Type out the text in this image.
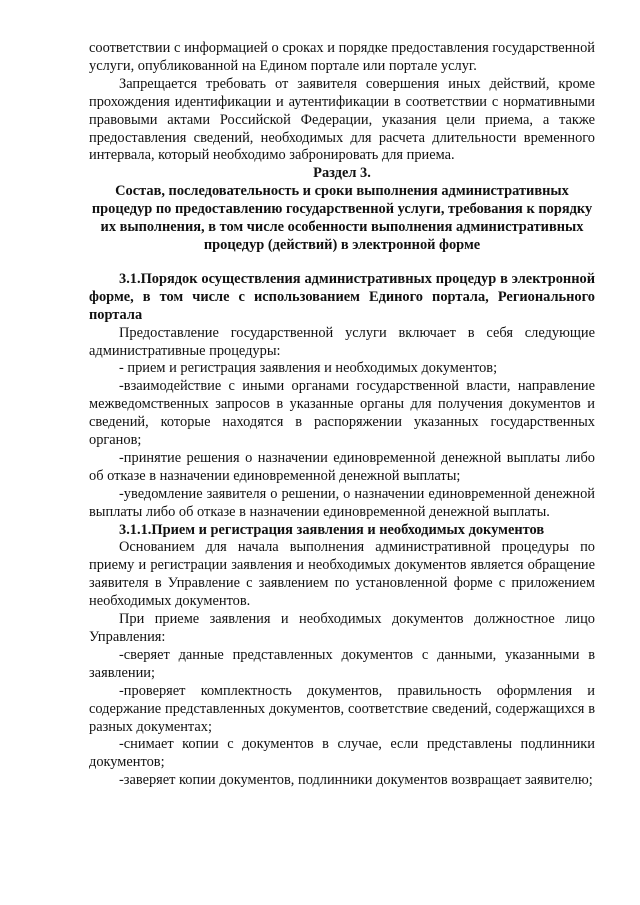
соответствии с информацией о сроках и порядке предоставления государственной услуги, опубликованной на Едином портале или портале услуг.

Запрещается требовать от заявителя совершения иных действий, кроме прохождения идентификации и аутентификации в соответствии с нормативными правовыми актами Российской Федерации, указания цели приема, а также предоставления сведений, необходимых для расчета длительности временного интервала, который необходимо забронировать для приема.

Раздел 3.

Состав, последовательность и сроки выполнения административных процедур по предоставлению государственной услуги, требования к порядку их выполнения, в том числе особенности выполнения административных процедур (действий) в электронной форме

3.1.Порядок осуществления административных процедур в электронной форме, в том числе с использованием Единого портала, Регионального портала

Предоставление государственной услуги включает в себя следующие административные процедуры:

- прием и регистрация заявления и необходимых документов;

-взаимодействие с иными органами государственной власти, направление межведомственных запросов в указанные органы для получения документов и сведений, которые находятся в распоряжении указанных государственных органов;

-принятие решения о назначении единовременной денежной выплаты либо об отказе в назначении единовременной денежной выплаты;

-уведомление заявителя о решении, о назначении единовременной денежной выплаты либо об отказе в назначении единовременной денежной выплаты.

3.1.1.Прием и регистрация заявления и необходимых документов

Основанием для начала выполнения административной процедуры по приему и регистрации заявления и необходимых документов является обращение заявителя в Управление с заявлением по установленной форме с приложением необходимых документов.

При приеме заявления и необходимых документов должностное лицо Управления:

-сверяет данные представленных документов с данными, указанными в заявлении;

-проверяет комплектность документов, правильность оформления и содержание представленных документов, соответствие сведений, содержащихся в разных документах;

-снимает копии с документов в случае, если представлены подлинники документов;

-заверяет копии документов, подлинники документов возвращает заявителю;
